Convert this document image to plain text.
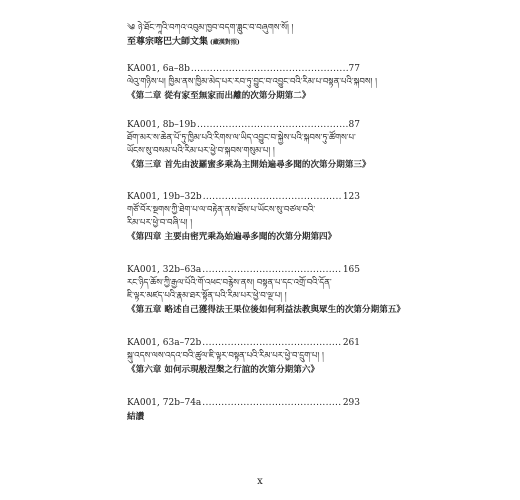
༄ ཉེ་ཐོང་ཀཱའི་བཀའ་འབུམ་ཁྱབ་བདག་ཟླུང་བ་བཞུགས་སོ། །
至尊宗喀巴大師文集 (藏漢對照)
KA001, 6a–8b .....	77
ལེའུ་གཉིས་པ། ཁྱིམ་ནས་ཁྱིམ་མེད་པར་རབ་ཏུ་བྱུང་བ་འབྱུང་བའི་རིམ་པ་བསྟན་པའི་སྐབས། །
《第二章 從有家至無家而出離的次第分期第二》
KA001, 8b–19b .....	87
ཐོག་མར་ས་ཆེན་པོ་ཏུ་ཁྱིམ་པའི་རིགས་ལ་ཡིད་འབྱུང་བ་སྐྱེས་པའི་སྐབས་ཏུ་ཚོགས་པ་
ཡོངས་སུ་བསམ་པའི་རིམ་པར་ཕྱེ་བ་སྐབས་གསུམ་པ། །
《第三章 首先由波羅蜜多乘為主開始遍尋多聞的次第分期第三》
KA001, 19b–32b .....	123
གཙོ་བོར་སྔགས་ཀྱི་ཐེག་པ་ལ་བརྟེན་ནས་ཐོས་པ་ཡོངས་སུ་བཙལ་བའི་
རིམ་པར་ཕྱེ་བ་བཞི་པ། །
《第四章 主要由密咒乘為始遍尋多聞的次第分期第四》
KA001, 32b–63a .....	165
རང་ཉིད་ཆོས་ཀྱི་རྒྱལ་པོའི་གོ་འཕང་བརྙེས་ནས། བསྟན་པ་དང་འགྲོ་བའི་དོན་
ཇི་ལྟར་མཛད་པའི་རྣམ་ཐར་སྟོན་པའི་རིམ་པར་ཕྱེ་བ་ལྔ་པ། །
《第五章 略述自己獲得法王果位後如何利益法教與眾生的次第分期第五》
KA001, 63a–72b .....	261
སྐུ་འདས་ལས་འདའ་བའི་ཚུལ་ཇི་ལྟར་བསྟན་པའི་རིམ་པར་ཕྱེ་བ་དྲུག་པ། །
《第六章 如何示現般涅槃之行誼的次第分期第六》
KA001, 72b–74a .....	293
結讚
x
